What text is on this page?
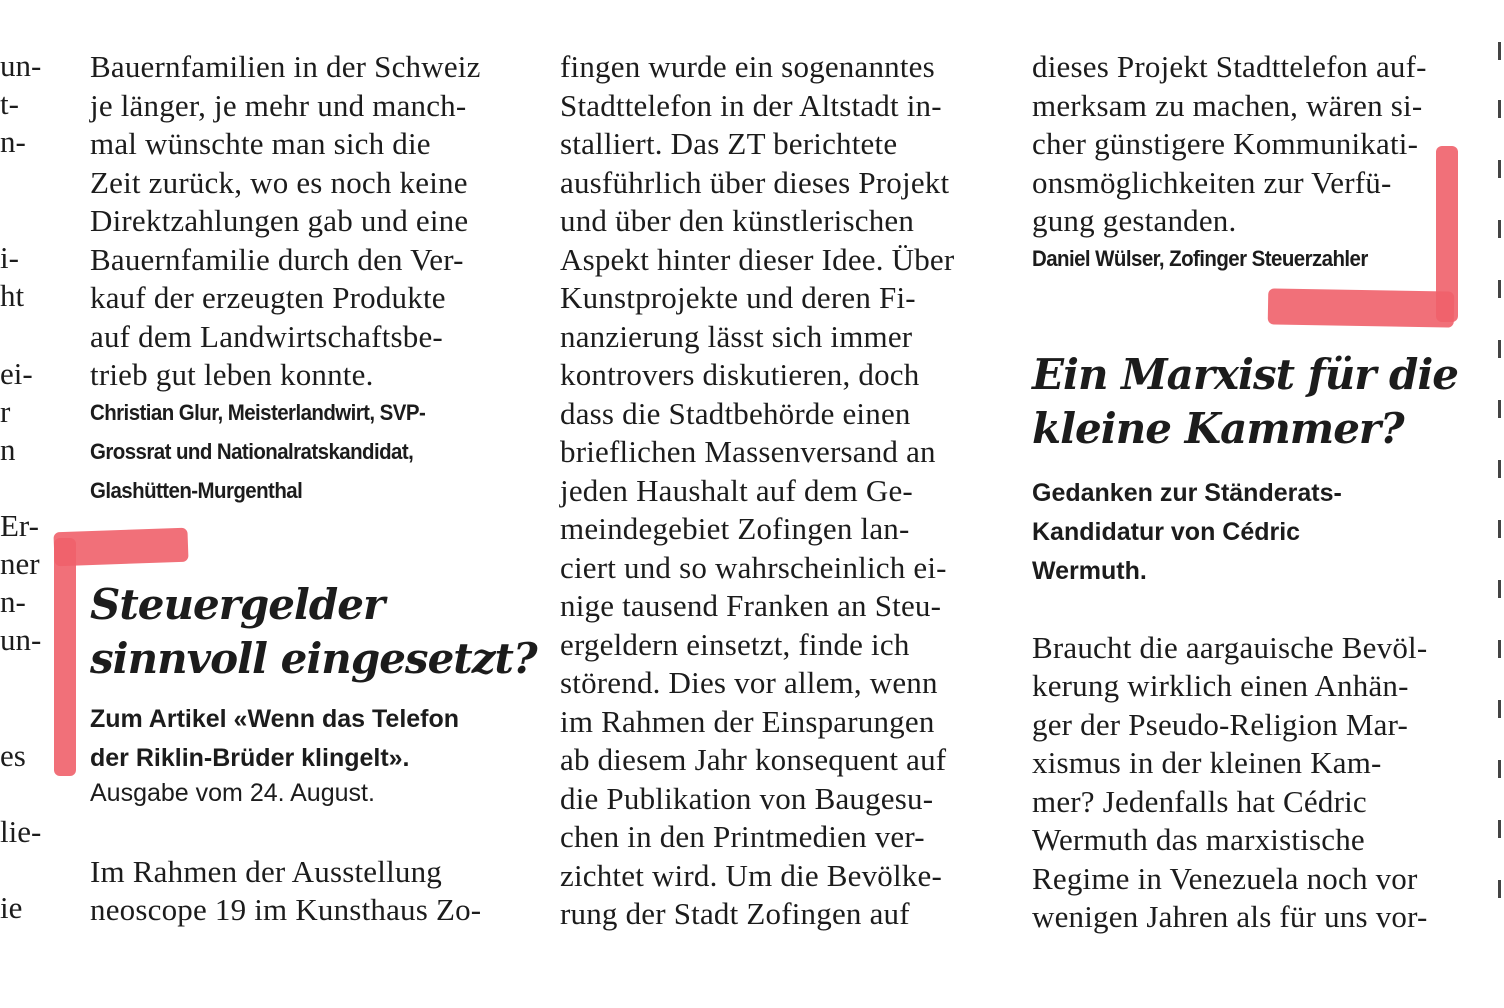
un-
t-
n-
i-
ht
ei-
r
n
Er-
ner
n-
un-
es
lie-
ie
Bauernfamilien in der Schweiz
je länger, je mehr und manch-
mal wünschte man sich die
Zeit zurück, wo es noch keine
Direktzahlungen gab und eine
Bauernfamilie durch den Ver-
kauf der erzeugten Produkte
auf dem Landwirtschaftsbe-
trieb gut leben konnte.
Christian Glur, Meisterlandwirt, SVP-
Grossrat und Nationalratskandidat,
Glashütten-Murgenthal
Steuergelder
sinnvoll eingesetzt?
Zum Artikel «Wenn das Telefon
der Riklin-Brüder klingelt».
Ausgabe vom 24. August.
Im Rahmen der Ausstellung
neoscope 19 im Kunsthaus Zo-
fingen wurde ein sogenanntes
Stadttelefon in der Altstadt in-
stalliert. Das ZT berichtete
ausführlich über dieses Projekt
und über den künstlerischen
Aspekt hinter dieser Idee. Über
Kunstprojekte und deren Fi-
nanzierung lässt sich immer
kontrovers diskutieren, doch
dass die Stadtbehörde einen
brieflichen Massenversand an
jeden Haushalt auf dem Ge-
meindegebiet Zofingen lan-
ciert und so wahrscheinlich ei-
nige tausend Franken an Steu-
ergeldern einsetzt, finde ich
störend. Dies vor allem, wenn
im Rahmen der Einsparungen
ab diesem Jahr konsequent auf
die Publikation von Baugesu-
chen in den Printmedien ver-
zichtet wird. Um die Bevölke-
rung der Stadt Zofingen auf
dieses Projekt Stadttelefon auf-
merksam zu machen, wären si-
cher günstigere Kommunikati-
onsmöglichkeiten zur Verfü-
gung gestanden.
Daniel Wülser, Zofinger Steuerzahler
Ein Marxist für die
kleine Kammer?
Gedanken zur Ständerats-
Kandidatur von Cédric
Wermuth.
Braucht die aargauische Bevöl-
kerung wirklich einen Anhän-
ger der Pseudo-Religion Mar-
xismus in der kleinen Kam-
mer? Jedenfalls hat Cédric
Wermuth das marxistische
Regime in Venezuela noch vor
wenigen Jahren als für uns vor-
